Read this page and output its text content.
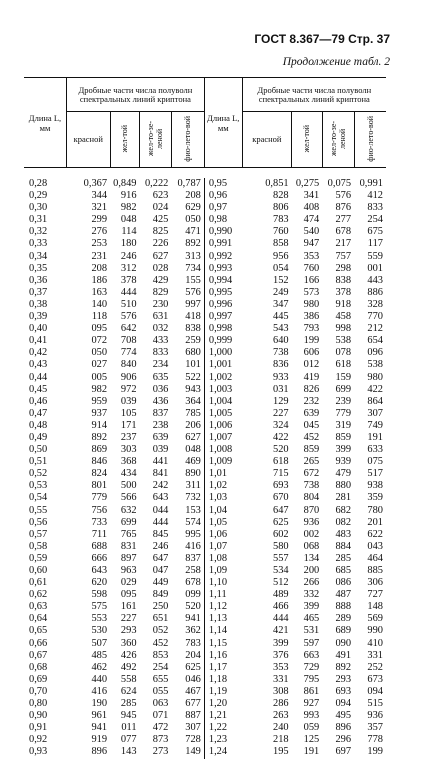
ГОСТ 8.367—79 Стр. 37
Продолжение табл. 2
Длина L, мм	Дробные части числа полуволн спектральных линий криптона				Длина L, мм	Дробные части числа полуволн спектральных линий криптона			
	красной	жел-той	жел-то-зе-леной	фио-лето-вой		красной	жел-той	жел-то-зе-леной	фио-лето-вой

0,28	0,367	0,849	0,222	0,787	0,95	0,851	0,275	0,075	0,991
0,29	344	916	623	208	0,96	828	341	576	412
0,30	321	982	024	629	0,97	806	408	876	833
0,31	299	048	425	050	0,98	783	474	277	254
0,32	276	114	825	471	0,990	760	540	678	675
0,33	253	180	226	892	0,991	858	947	217	117
0,34	231	246	627	313	0,992	956	353	757	559
0,35	208	312	028	734	0,993	054	760	298	001
0,36	186	378	429	155	0,994	152	166	838	443
0,37	163	444	829	576	0,995	249	573	378	886
0,38	140	510	230	997	0,996	347	980	918	328
0,39	118	576	631	418	0,997	445	386	458	770
0,40	095	642	032	838	0,998	543	793	998	212
0,41	072	708	433	259	0,999	640	199	538	654
0,42	050	774	833	680	1,000	738	606	078	096
0,43	027	840	234	101	1,001	836	012	618	538
0,44	005	906	635	522	1,002	933	419	159	980
0,45	982	972	036	943	1,003	031	826	699	422
0,46	959	039	436	364	1,004	129	232	239	864
0,47	937	105	837	785	1,005	227	639	779	307
0,48	914	171	238	206	1,006	324	045	319	749
0,49	892	237	639	627	1,007	422	452	859	191
0,50	869	303	039	048	1,008	520	859	399	633
0,51	846	368	441	469	1,009	618	265	939	075
0,52	824	434	841	890	1,01	715	672	479	517
0,53	801	500	242	311	1,02	693	738	880	938
0,54	779	566	643	732	1,03	670	804	281	359
0,55	756	632	044	153	1,04	647	870	682	780
0,56	733	699	444	574	1,05	625	936	082	201
0,57	711	765	845	995	1,06	602	002	483	622
0,58	688	831	246	416	1,07	580	068	884	043
0,59	666	897	647	837	1,08	557	134	285	464
0,60	643	963	047	258	1,09	534	200	685	885
0,61	620	029	449	678	1,10	512	266	086	306
0,62	598	095	849	099	1,11	489	332	487	727
0,63	575	161	250	520	1,12	466	399	888	148
0,64	553	227	651	941	1,13	444	465	289	569
0,65	530	293	052	362	1,14	421	531	689	990
0,66	507	360	452	783	1,15	399	597	090	410
0,67	485	426	853	204	1,16	376	663	491	331
0,68	462	492	254	625	1,17	353	729	892	252
0,69	440	558	655	046	1,18	331	795	293	673
0,70	416	624	055	467	1,19	308	861	693	094
0,80	190	285	063	677	1,20	286	927	094	515
0,90	961	945	071	887	1,21	263	993	495	936
0,91	941	011	472	307	1,22	240	059	896	357
0,92	919	077	873	728	1,23	218	125	296	778
0,93	896	143	273	149	1,24	195	191	697	199
